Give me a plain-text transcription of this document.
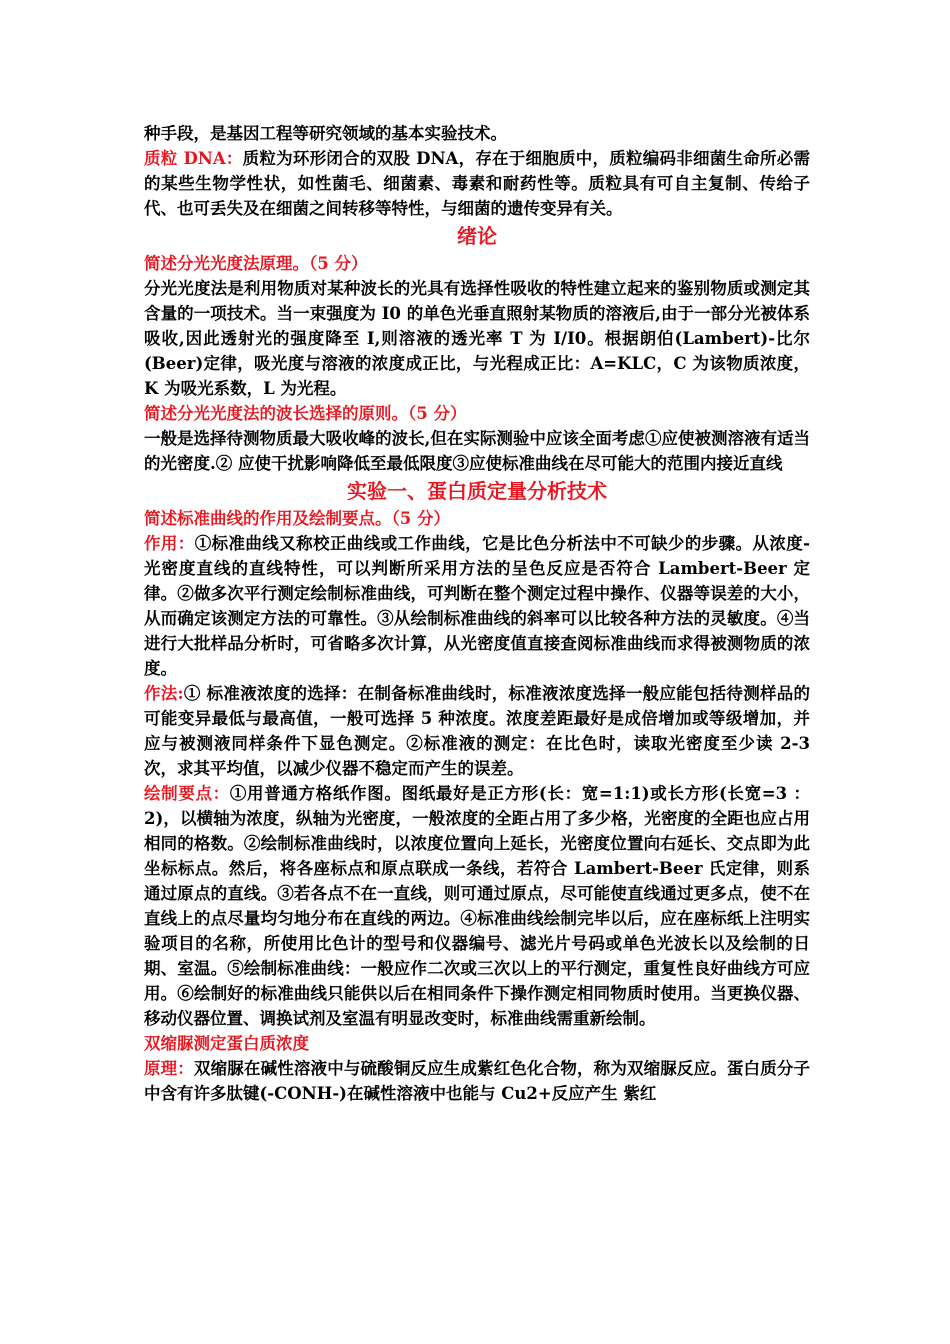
种手段，是基因工程等研究领域的基本实验技术。

质粒 DNA：质粒为环形闭合的双股 DNA，存在于细胞质中，质粒编码非细菌生命所必需的某些生物学性状，如性菌毛、细菌素、毒素和耐药性等。质粒具有可自主复制、传给子代、也可丢失及在细菌之间转移等特性，与细菌的遗传变异有关。

绪论

简述分光光度法原理。（5 分）

分光光度法是利用物质对某种波长的光具有选择性吸收的特性建立起来的鉴别物质或测定其含量的一项技术。当一束强度为 I0 的单色光垂直照射某物质的溶液后,由于一部分光被体系吸收,因此透射光的强度降至 I,则溶液的透光率 T 为 I/I0。根据朗伯(Lambert)-比尔(Beer)定律，吸光度与溶液的浓度成正比，与光程成正比：A=KLC，C 为该物质浓度，K 为吸光系数，L 为光程。

简述分光光度法的波长选择的原则。（5 分）

一般是选择待测物质最大吸收峰的波长,但在实际测验中应该全面考虑①应使被测溶液有适当的光密度.② 应使干扰影响降低至最低限度③应使标准曲线在尽可能大的范围内接近直线

实验一、蛋白质定量分析技术

简述标准曲线的作用及绘制要点。（5 分）

作用：①标准曲线又称校正曲线或工作曲线，它是比色分析法中不可缺少的步骤。从浓度-光密度直线的直线特性，可以判断所采用方法的呈色反应是否符合 Lambert-Beer 定律。②做多次平行测定绘制标准曲线，可判断在整个测定过程中操作、仪器等误差的大小，从而确定该测定方法的可靠性。③从绘制标准曲线的斜率可以比较各种方法的灵敏度。④当进行大批样品分析时，可省略多次计算，从光密度值直接查阅标准曲线而求得被测物质的浓度。

作法:① 标准液浓度的选择：在制备标准曲线时，标准液浓度选择一般应能包括待测样品的可能变异最低与最高值，一般可选择 5 种浓度。浓度差距最好是成倍增加或等级增加，并应与被测液同样条件下显色测定。②标准液的测定：在比色时，读取光密度至少读 2-3 次，求其平均值，以减少仪器不稳定而产生的误差。

绘制要点：①用普通方格纸作图。图纸最好是正方形(长：宽=1:1)或长方形(长宽=3 ：2)，以横轴为浓度，纵轴为光密度，一般浓度的全距占用了多少格，光密度的全距也应占用相同的格数。②绘制标准曲线时，以浓度位置向上延长，光密度位置向右延长、交点即为此坐标标点。然后，将各座标点和原点联成一条线，若符合 Lambert-Beer 氏定律，则系通过原点的直线。③若各点不在一直线，则可通过原点，尽可能使直线通过更多点，使不在直线上的点尽量均匀地分布在直线的两边。④标准曲线绘制完毕以后，应在座标纸上注明实验项目的名称，所使用比色计的型号和仪器编号、滤光片号码或单色光波长以及绘制的日期、室温。⑤绘制标准曲线：一般应作二次或三次以上的平行测定，重复性良好曲线方可应用。⑥绘制好的标准曲线只能供以后在相同条件下操作测定相同物质时使用。当更换仪器、移动仪器位置、调换试剂及室温有明显改变时，标准曲线需重新绘制。

双缩脲测定蛋白质浓度

原理：双缩脲在碱性溶液中与硫酸铜反应生成紫红色化合物，称为双缩脲反应。蛋白质分子中含有许多肽键(-CONH-)在碱性溶液中也能与 Cu2+反应产生 紫红
